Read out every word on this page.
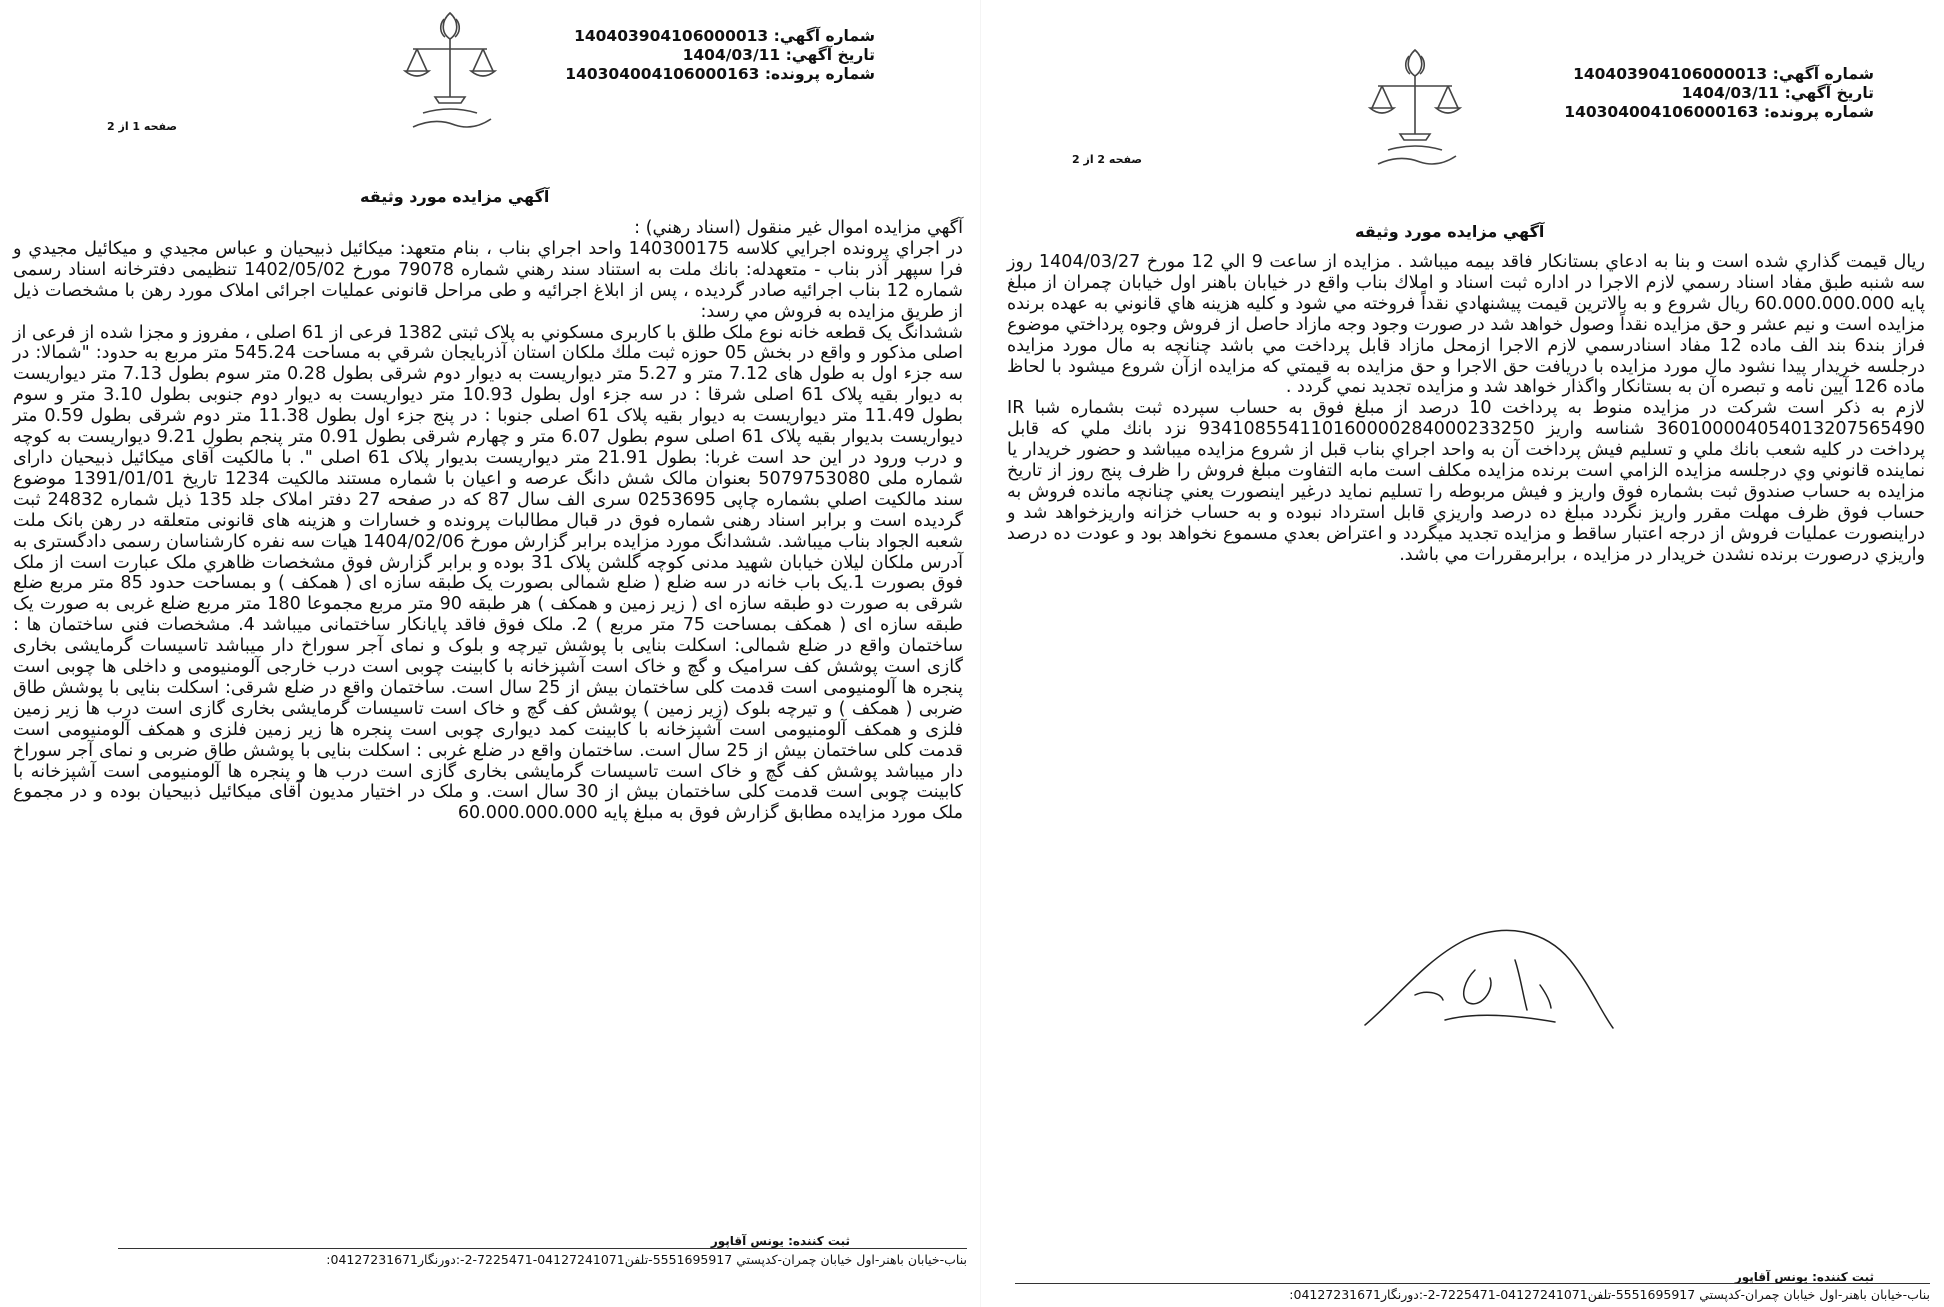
شماره آگهي: 140403904106000013
تاريخ آگهي: 1404/03/11
شماره پرونده: 140304004106000163
صفحه 1 از 2
آگهي مزايده مورد وثيقه

آگهي مزايده اموال غير منقول (اسناد رهني) :

در اجراي پرونده اجرايي كلاسه 140300175 واحد اجراي بناب ، بنام متعهد: ميكائيل ذبيحيان و عباس مجيدي و ميكائيل مجيدي و فرا سپهر آذر بناب - متعهدله: بانك ملت به استناد سند رهني شماره 79078 مورخ 1402/05/02 تنظيمی دفترخانه اسناد رسمی شماره 12 بناب اجرائيه صادر گرديده ، پس از ابلاغ اجرائيه و طی مراحل قانونی عمليات اجرائی املاک مورد رهن با مشخصات ذيل از طريق مزايده به فروش مي رسد:

ششدانگ يک قطعه خانه نوع ملک طلق با کاربری مسکوني به پلاک ثبتی 1382 فرعی از 61 اصلی ، مفروز و مجزا شده از فرعی از اصلی مذکور و واقع در بخش 05 حوزه ثبت ملك ملكان استان آذربايجان شرقي به مساحت 545.24 متر مربع به حدود: "شمالا: در سه جزء اول به طول های 7.12 متر و 5.27 متر ديواريست به ديوار دوم شرقی بطول 0.28 متر سوم بطول 7.13 متر ديواريست به ديوار بقيه پلاک 61 اصلی شرقا : در سه جزء اول بطول 10.93 متر ديواريست به ديوار دوم جنوبی بطول 3.10 متر و سوم بطول 11.49 متر ديواريست به ديوار بقيه پلاک 61 اصلی جنوبا : در پنج جزء اول بطول 11.38 متر دوم شرقی بطول 0.59 متر ديواريست بديوار بقيه پلاک 61 اصلی سوم بطول 6.07 متر و چهارم شرقی بطول 0.91 متر پنجم بطول 9.21 ديواريست به کوچه و درب ورود در اين حد است غربا: بطول 21.91 متر ديواريست بديوار پلاک 61 اصلی ". با مالکيت آقای ميکائيل ذبيحيان دارای شماره ملی 5079753080 بعنوان مالک شش دانگ عرصه و اعيان با شماره مستند مالکيت 1234 تاريخ 1391/01/01 موضوع سند مالکيت اصلي بشماره چاپی 0253695 سری الف سال 87 که در صفحه 27 دفتر املاک جلد 135 ذيل شماره 24832 ثبت گرديده است و برابر اسناد رهنی شماره فوق در قبال مطالبات پرونده و خسارات و هزينه های قانونی متعلقه در رهن بانک ملت شعبه الجواد بناب ميباشد. ششدانگ مورد مزايده برابر گزارش مورخ 1404/02/06 هيات سه نفره کارشناسان رسمی دادگستری به آدرس ملکان ليلان خيابان شهيد مدنی کوچه گلشن پلاک 31 بوده و برابر گزارش فوق مشخصات ظاهري ملک عبارت است از ملک فوق بصورت 1.يک باب خانه در سه ضلع ( ضلع شمالی بصورت يک طبقه سازه ای ( همکف ) و بمساحت حدود 85 متر مربع ضلع شرقی به صورت دو طبقه سازه ای ( زير زمين و همکف ) هر طبقه 90 متر مربع مجموعا 180 متر مربع ضلع غربی به صورت يک طبقه سازه ای ( همکف بمساحت 75 متر مربع ) 2. ملک فوق فاقد پايانکار ساختمانی ميباشد 4. مشخصات فنی ساختمان ها : ساختمان واقع در ضلع شمالی: اسکلت بنايی با پوشش تيرچه و بلوک و نمای آجر سوراخ دار ميباشد تاسيسات گرمايشی بخاری گازی است پوشش کف سراميک و گچ و خاک است آشپزخانه با کابينت چوبی است درب خارجی آلومنيومی و داخلی ها چوبی است پنجره ها آلومنيومی است قدمت کلی ساختمان بيش از 25 سال است. ساختمان واقع در ضلع شرقی: اسکلت بنايی با پوشش طاق ضربی ( همکف ) و تيرچه بلوک (زير زمين ) پوشش کف گچ و خاک است تاسيسات گرمايشی بخاری گازی است درب ها زير زمين فلزی و همکف آلومنيومی است آشپزخانه با کابينت کمد ديواری چوبی است پنجره ها زير زمين فلزی و همکف آلومنيومی است قدمت کلی ساختمان بيش از 25 سال است. ساختمان واقع در ضلع غربی : اسکلت بنايی با پوشش طاق ضربی و نمای آجر سوراخ دار ميباشد پوشش کف گچ و خاک است تاسيسات گرمايشی بخاری گازی است درب ها و پنجره ها آلومنيومی است آشپزخانه با کابينت چوبی است قدمت کلی ساختمان بيش از 30 سال است. و ملک در اختيار مديون آقای ميکائيل ذبيحيان بوده و در مجموع ملک مورد مزايده مطابق گزارش فوق به مبلغ پايه 60.000.000.000

ثبت كننده: يونس آقاپور
بناب-خيابان باهنر-اول خيابان چمران-كدپستي 5551695917-تلفن04127241071-7225471-2-:دورنگار04127231671:
شماره آگهي: 140403904106000013
تاريخ آگهي: 1404/03/11
شماره پرونده: 140304004106000163
صفحه 2 از 2
آگهي مزايده مورد وثيقه

ريال قيمت گذاري شده است و بنا به ادعاي بستانكار فاقد بيمه ميباشد . مزايده از ساعت 9 الي 12 مورخ 1404/03/27 روز سه شنبه طبق مفاد اسناد رسمي لازم الاجرا در اداره ثبت اسناد و املاك بناب واقع در خيابان باهنر اول خيابان چمران از مبلغ پايه 60.000.000.000 ريال شروع و به بالاترين قيمت پيشنهادي نقداً فروخته مي شود و كليه هزينه هاي قانوني به عهده برنده مزايده است و نيم عشر و حق مزايده نقداً وصول خواهد شد در صورت وجود وجه مازاد حاصل از فروش وجوه پرداختي موضوع فراز بند6 بند الف ماده 12 مفاد اسنادرسمي لازم الاجرا ازمحل مازاد قابل پرداخت مي باشد چنانچه به مال مورد مزايده درجلسه خريدار پيدا نشود مال مورد مزايده با دريافت حق الاجرا و حق مزايده به قيمتي كه مزايده ازآن شروع ميشود با لحاظ ماده 126 آيين نامه و تبصره آن به بستانكار واگذار خواهد شد و مزايده تجديد نمي گردد .

لازم به ذكر است شركت در مزايده منوط به پرداخت 10 درصد از مبلغ فوق به حساب سپرده ثبت بشماره شبا IR 360100004054013207565490 شناسه واريز 934108554110160000284000233250 نزد بانك ملي كه قابل پرداخت در كليه شعب بانك ملي و تسليم فيش پرداخت آن به واحد اجراي بناب قبل از شروع مزايده ميباشد و حضور خريدار يا نماينده قانوني وي درجلسه مزايده الزامي است برنده مزايده مكلف است مابه التفاوت مبلغ فروش را ظرف پنج روز از تاريخ مزايده به حساب صندوق ثبت بشماره فوق واريز و فيش مربوطه را تسليم نمايد درغير اينصورت يعني چنانچه مانده فروش به حساب فوق ظرف مهلت مقرر واريز نگردد مبلغ ده درصد واريزي قابل استرداد نبوده و به حساب خزانه واريزخواهد شد و دراينصورت عمليات فروش از درجه اعتبار ساقط و مزايده تجديد ميگردد و اعتراض بعدي مسموع نخواهد بود و عودت ده درصد واريزي درصورت برنده نشدن خريدار در مزايده ، برابرمقررات مي باشد.

ثبت كننده: يونس آقاپور
بناب-خيابان باهنر-اول خيابان چمران-كدپستي 5551695917-تلفن04127241071-7225471-2-:دورنگار04127231671:
